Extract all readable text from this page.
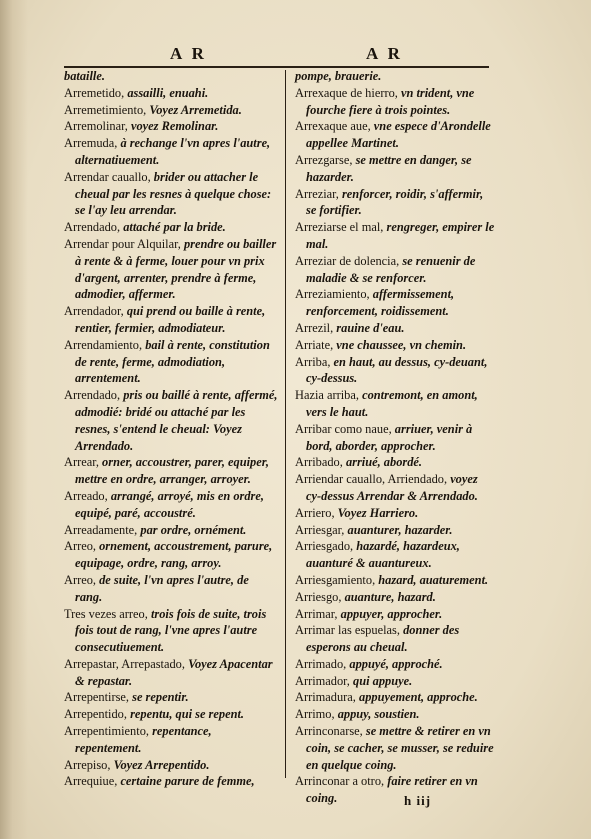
A R	A R

bataille.

Arremetido, assailli, enuahi.

Arremetimiento, Voyez Arremetida.

Arremolinar, voyez Remolinar.

Arremuda, à rechange l'vn apres l'autre, alternatiuement.

Arrendar cauallo, brider ou attacher le cheual par les resnes à quelque chose: se l'ay leu arrendar.

Arrendado, attaché par la bride.

Arrendar pour Alquilar, prendre ou bailler à rente & à ferme, louer pour vn prix d'argent, arrenter, prendre à ferme, admodier, affermer.

Arrendador, qui prend ou baille à rente, rentier, fermier, admodiateur.

Arrendamiento, bail à rente, constitution de rente, ferme, admodiation, arrentement.

Arrendado, pris ou baillé à rente, affermé, admodié: bridé ou attaché par les resnes, s'entend le cheual: Voyez Arrendado.

Arrear, orner, accoustrer, parer, equiper, mettre en ordre, arranger, arroyer.

Arreado, arrangé, arroyé, mis en ordre, equipé, paré, accoustré.

Arreadamente, par ordre, ornément.

Arreo, ornement, accoustrement, parure, equipage, ordre, rang, arroy.

Arreo, de suite, l'vn apres l'autre, de rang.

Tres vezes arreo, trois fois de suite, trois fois tout de rang, l'vne apres l'autre consecutiuement.

Arrepastar, Arrepastado, Voyez Apacentar & repastar.

Arrepentirse, se repentir.

Arrepentido, repentu, qui se repent.

Arrepentimiento, repentance, repentement.

Arrepiso, Voyez Arrepentido.

Arrequiue, certaine parure de femme,

pompe, brauerie.

Arrexaque de hierro, vn trident, vne fourche fiere à trois pointes.

Arrexaque aue, vne espece d'Arondelle appellee Martinet.

Arrezgarse, se mettre en danger, se hazarder.

Arreziar, renforcer, roidir, s'affermir, se fortifier.

Arreziarse el mal, rengreger, empirer le mal.

Arreziar de dolencia, se renuenir de maladie & se renforcer.

Arreziamiento, affermissement, renforcement, roidissement.

Arrezil, rauine d'eau.

Arriate, vne chaussee, vn chemin.

Arriba, en haut, au dessus, cy-deuant, cy-dessus.

Hazia arriba, contremont, en amont, vers le haut.

Arribar como naue, arriuer, venir à bord, aborder, approcher.

Arribado, arriué, abordé.

Arriendar cauallo, Arriendado, voyez cy-dessus Arrendar & Arrendado.

Arriero, Voyez Harriero.

Arriesgar, auanturer, hazarder.

Arriesgado, hazardé, hazardeux, auanturé & auantureux.

Arriesgamiento, hazard, auaturement.

Arriesgo, auanture, hazard.

Arrimar, appuyer, approcher.

Arrimar las espuelas, donner des esperons au cheual.

Arrimado, appuyé, approché.

Arrimador, qui appuye.

Arrimadura, appuyement, approche.

Arrimo, appuy, soustien.

Arrinconarse, se mettre & retirer en vn coin, se cacher, se musser, se reduire en quelque coing.

Arrinconar a otro, faire retirer en vn coing.	h iij
